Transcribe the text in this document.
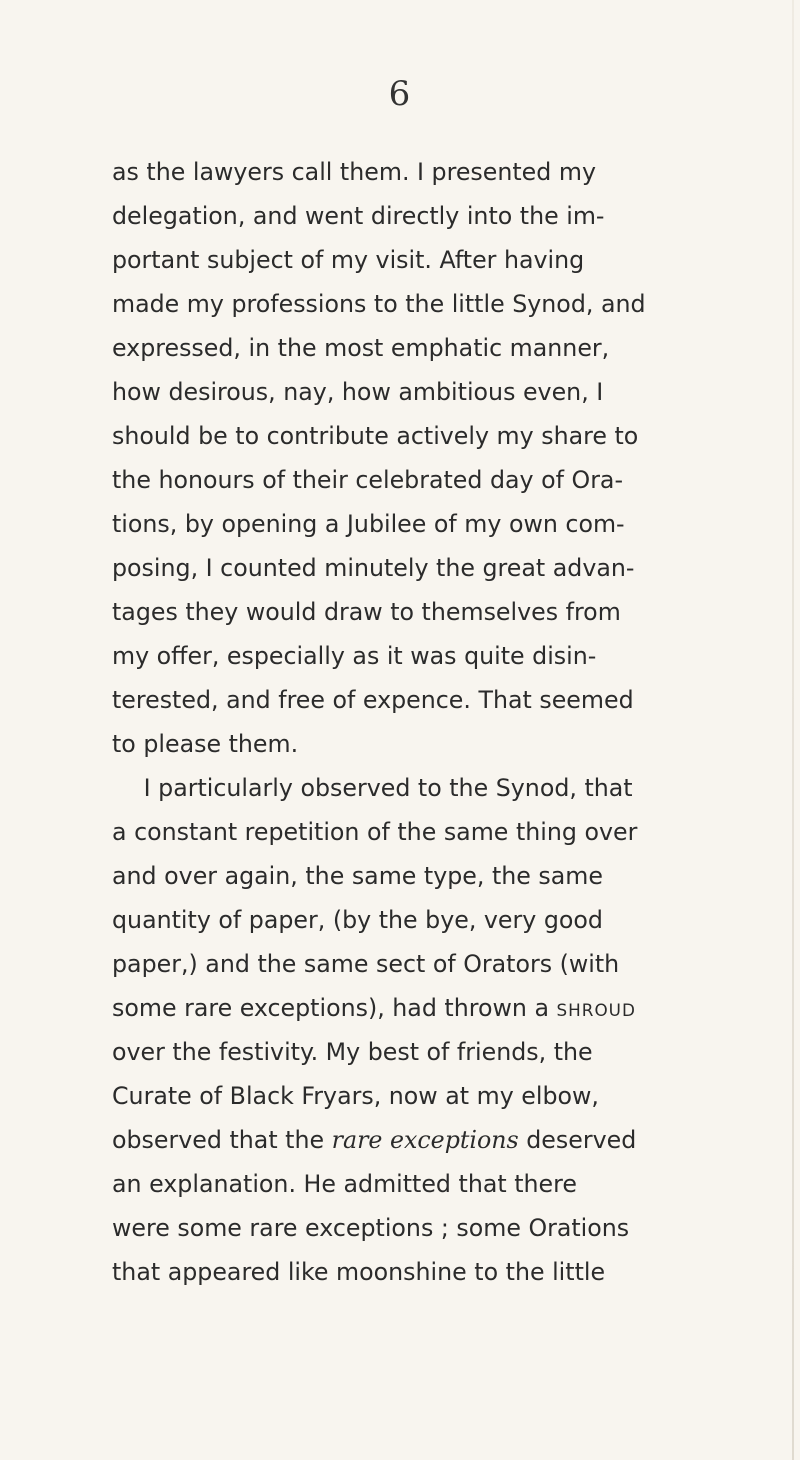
6
as the lawyers call them. I presented my
delegation, and went directly into the im-
portant subject of my visit. After having
made my professions to the little Synod, and
expressed, in the most emphatic manner,
how desirous, nay, how ambitious even, I
should be to contribute actively my share to
the honours of their celebrated day of Ora-
tions, by opening a Jubilee of my own com-
posing, I counted minutely the great advan-
tages they would draw to themselves from
my offer, especially as it was quite disin-
terested, and free of expence. That seemed
to please them.
I particularly observed to the Synod, that
a constant repetition of the same thing over
and over again, the same type, the same
quantity of paper, (by the bye, very good
paper,) and the same sect of Orators (with
some rare exceptions), had thrown a shroud
over the festivity. My best of friends, the
Curate of Black Fryars, now at my elbow,
observed that the rare exceptions deserved
an explanation. He admitted that there
were some rare exceptions ; some Orations
that appeared like moonshine to the little
